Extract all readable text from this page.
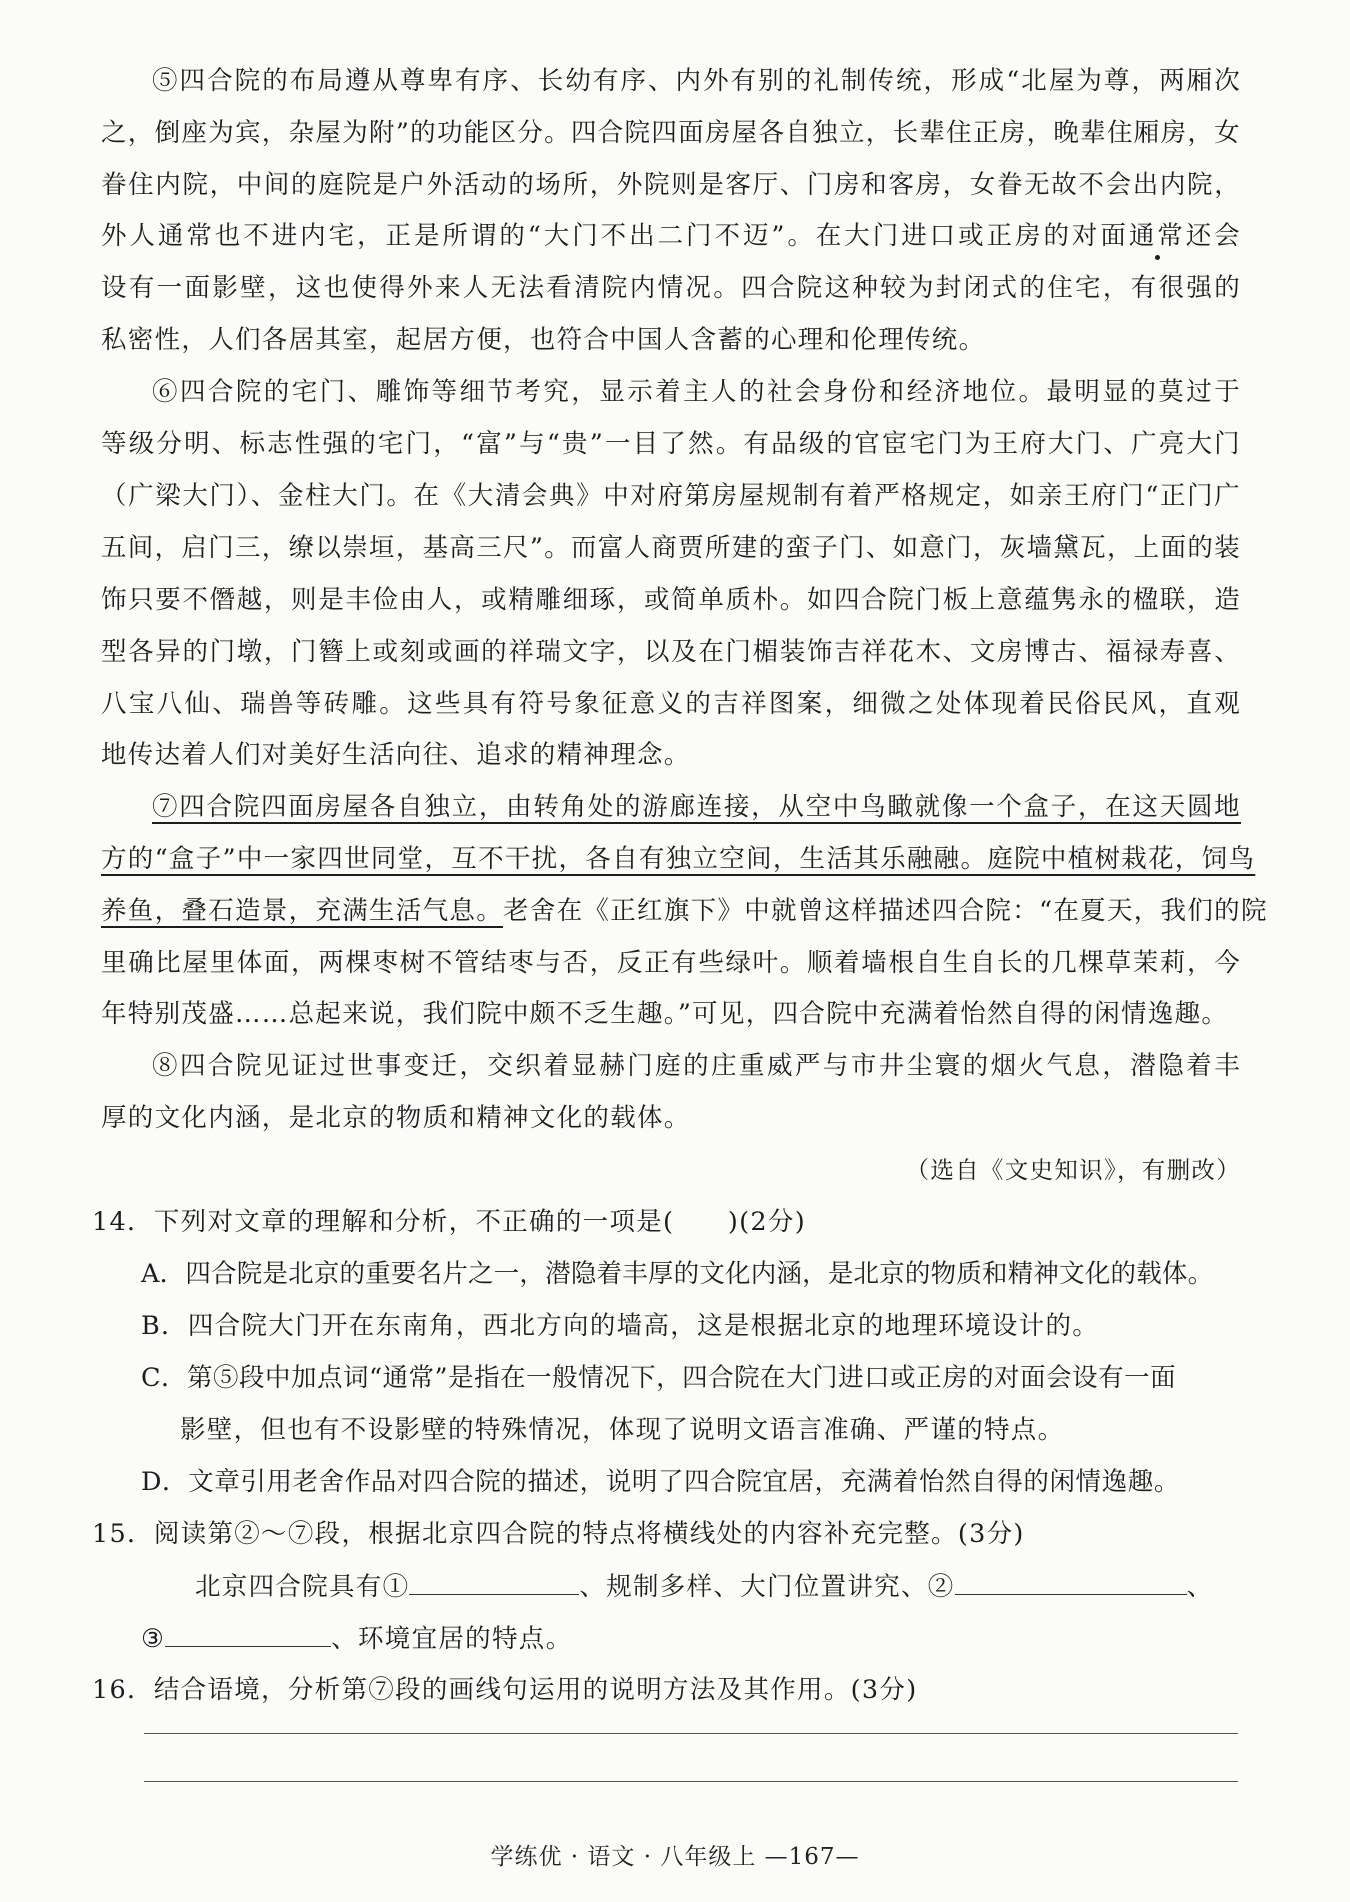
⑤四合院的布局遵从尊卑有序、长幼有序、内外有别的礼制传统，形成“北屋为尊，两厢次
之，倒座为宾，杂屋为附”的功能区分。四合院四面房屋各自独立，长辈住正房，晚辈住厢房，女
眷住内院，中间的庭院是户外活动的场所，外院则是客厅、门房和客房，女眷无故不会出内院，
外人通常也不进内宅，正是所谓的“大门不出二门不迈”。在大门进口或正房的对面通常还会
设有一面影壁，这也使得外来人无法看清院内情况。四合院这种较为封闭式的住宅，有很强的
私密性，人们各居其室，起居方便，也符合中国人含蓄的心理和伦理传统。
⑥四合院的宅门、雕饰等细节考究，显示着主人的社会身份和经济地位。最明显的莫过于
等级分明、标志性强的宅门，“富”与“贵”一目了然。有品级的官宦宅门为王府大门、广亮大门
（广梁大门）、金柱大门。在《大清会典》中对府第房屋规制有着严格规定，如亲王府门“正门广
五间，启门三，缭以崇垣，基高三尺”。而富人商贾所建的蛮子门、如意门，灰墙黛瓦，上面的装
饰只要不僭越，则是丰俭由人，或精雕细琢，或简单质朴。如四合院门板上意蕴隽永的楹联，造
型各异的门墩，门簪上或刻或画的祥瑞文字，以及在门楣装饰吉祥花木、文房博古、福禄寿喜、
八宝八仙、瑞兽等砖雕。这些具有符号象征意义的吉祥图案，细微之处体现着民俗民风，直观
地传达着人们对美好生活向往、追求的精神理念。
⑦四合院四面房屋各自独立，由转角处的游廊连接，从空中鸟瞰就像一个盒子，在这天圆地
方的“盒子”中一家四世同堂，互不干扰，各自有独立空间，生活其乐融融。庭院中植树栽花，饲鸟
养鱼，叠石造景，充满生活气息。老舍在《正红旗下》中就曾这样描述四合院：“在夏天，我们的院
里确比屋里体面，两棵枣树不管结枣与否，反正有些绿叶。顺着墙根自生自长的几棵草茉莉，今
年特别茂盛……总起来说，我们院中颇不乏生趣。”可见，四合院中充满着怡然自得的闲情逸趣。
⑧四合院见证过世事变迁，交织着显赫门庭的庄重威严与市井尘寰的烟火气息，潜隐着丰
厚的文化内涵，是北京的物质和精神文化的载体。
（选自《文史知识》，有删改）
14．下列对文章的理解和分析，不正确的一项是(　　)(2分)
A．四合院是北京的重要名片之一，潜隐着丰厚的文化内涵，是北京的物质和精神文化的载体。
B．四合院大门开在东南角，西北方向的墙高，这是根据北京的地理环境设计的。
C．第⑤段中加点词“通常”是指在一般情况下，四合院在大门进口或正房的对面会设有一面
影壁，但也有不设影壁的特殊情况，体现了说明文语言准确、严谨的特点。
D．文章引用老舍作品对四合院的描述，说明了四合院宜居，充满着怡然自得的闲情逸趣。
15．阅读第②～⑦段，根据北京四合院的特点将横线处的内容补充完整。(3分)
北京四合院具有①	、规制多样、大门位置讲究、②	、
③	、环境宜居的特点。
16．结合语境，分析第⑦段的画线句运用的说明方法及其作用。(3分)
学练优 · 语文 · 八年级上 —167—
